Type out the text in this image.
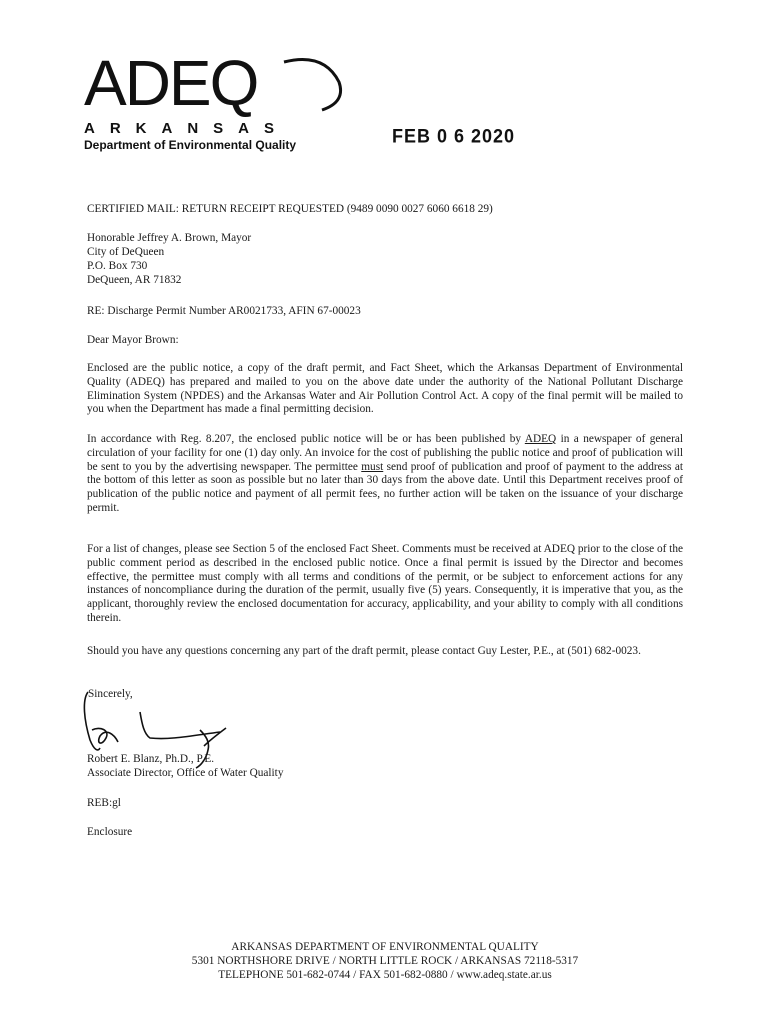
ADEQ
ARKANSAS
Department of Environmental Quality	FEB 0 6 2020
CERTIFIED MAIL: RETURN RECEIPT REQUESTED (9489 0090 0027 6060 6618 29)

Honorable Jeffrey A. Brown, Mayor

City of DeQueen

P.O. Box 730

DeQueen, AR 71832

RE: Discharge Permit Number AR0021733, AFIN 67-00023
Dear Mayor Brown:
Enclosed are the public notice, a copy of the draft permit, and Fact Sheet, which the Arkansas Department of Environmental Quality (ADEQ) has prepared and mailed to you on the above date under the authority of the National Pollutant Discharge Elimination System (NPDES) and the Arkansas Water and Air Pollution Control Act. A copy of the final permit will be mailed to you when the Department has made a final permitting decision.
In accordance with Reg. 8.207, the enclosed public notice will be or has been published by ADEQ in a newspaper of general circulation of your facility for one (1) day only. An invoice for the cost of publishing the public notice and proof of publication will be sent to you by the advertising newspaper. The permittee must send proof of publication and proof of payment to the address at the bottom of this letter as soon as possible but no later than 30 days from the above date. Until this Department receives proof of publication of the public notice and payment of all permit fees, no further action will be taken on the issuance of your discharge permit.
For a list of changes, please see Section 5 of the enclosed Fact Sheet. Comments must be received at ADEQ prior to the close of the public comment period as described in the enclosed public notice. Once a final permit is issued by the Director and becomes effective, the permittee must comply with all terms and conditions of the permit, or be subject to enforcement actions for any instances of noncompliance during the duration of the permit, usually five (5) years. Consequently, it is imperative that you, as the applicant, thoroughly review the enclosed documentation for accuracy, applicability, and your ability to comply with all conditions therein.
Should you have any questions concerning any part of the draft permit, please contact Guy Lester, P.E., at (501) 682-0023.
Sincerely,
Robert E. Blanz, Ph.D., P.E.
Associate Director, Office of Water Quality
REB:gl
Enclosure
ARKANSAS DEPARTMENT OF ENVIRONMENTAL QUALITY
5301 NORTHSHORE DRIVE / NORTH LITTLE ROCK / ARKANSAS 72118-5317
TELEPHONE 501-682-0744 / FAX 501-682-0880 / www.adeq.state.ar.us
